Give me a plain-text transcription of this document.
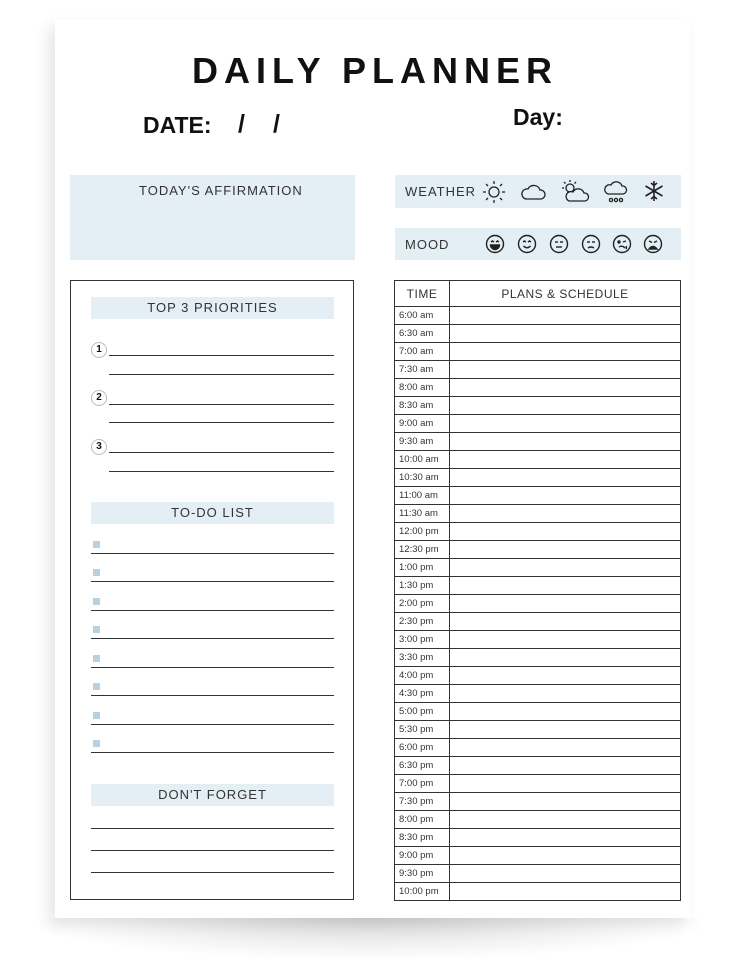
DAILY PLANNER
DATE: / /	Day:
TODAY'S AFFIRMATION	WEATHER
MOOD
TOP 3 PRIORITIES
1
2
3
TO-DO LIST
DON'T FORGET
TIME	PLANS & SCHEDULE
6:00 am	
6:30 am	
7:00 am	
7:30 am	
8:00 am	
8:30 am	
9:00 am	
9:30 am	
10:00 am	
10:30 am	
11:00 am	
11:30 am	
12:00 pm	
12:30 pm	
1:00 pm	
1:30 pm	
2:00 pm	
2:30 pm	
3:00 pm	
3:30 pm	
4:00 pm	
4:30 pm	
5:00 pm	
5:30 pm	
6:00 pm	
6:30 pm	
7:00 pm	
7:30 pm	
8:00 pm	
8:30 pm	
9:00 pm	
9:30 pm	
10:00 pm	
